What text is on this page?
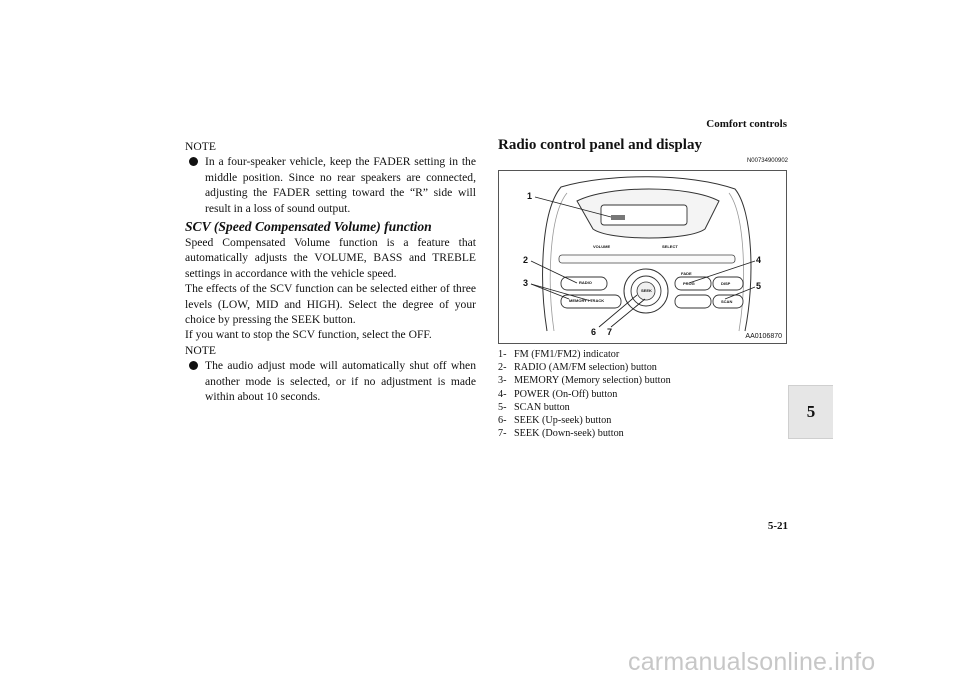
Comfort controls
NOTE
In a four-speaker vehicle, keep the FADER setting in the middle position. Since no rear speakers are connected, adjusting the FADER setting toward the “R” side will result in a loss of sound output.
SCV (Speed Compensated Volume) function
Speed Compensated Volume function is a feature that automatically adjusts the VOLUME, BASS and TREBLE settings in accordance with the vehicle speed.
The effects of the SCV function can be selected either of three levels (LOW, MID and HIGH). Select the degree of your choice by pressing the SEEK button.
If you want to stop the SCV function, select the OFF.
NOTE
The audio adjust mode will automatically shut off when another mode is selected, or if no adjustment is made within about 10 seconds.
Radio control panel and display
N00734900902
VOLUME	SELECT
RADIO
MEMORY / TRACK
FADE
PROG	DISP
SCAN
SEEK
1
2
3
4
5
6 7	AA0106870
1- FM (FM1/FM2) indicator
2- RADIO (AM/FM selection) button
3- MEMORY (Memory selection) button
4- POWER (On-Off) button
5- SCAN button
6- SEEK (Up-seek) button
7- SEEK (Down-seek) button
5
5-21
carmanualsonline.info
